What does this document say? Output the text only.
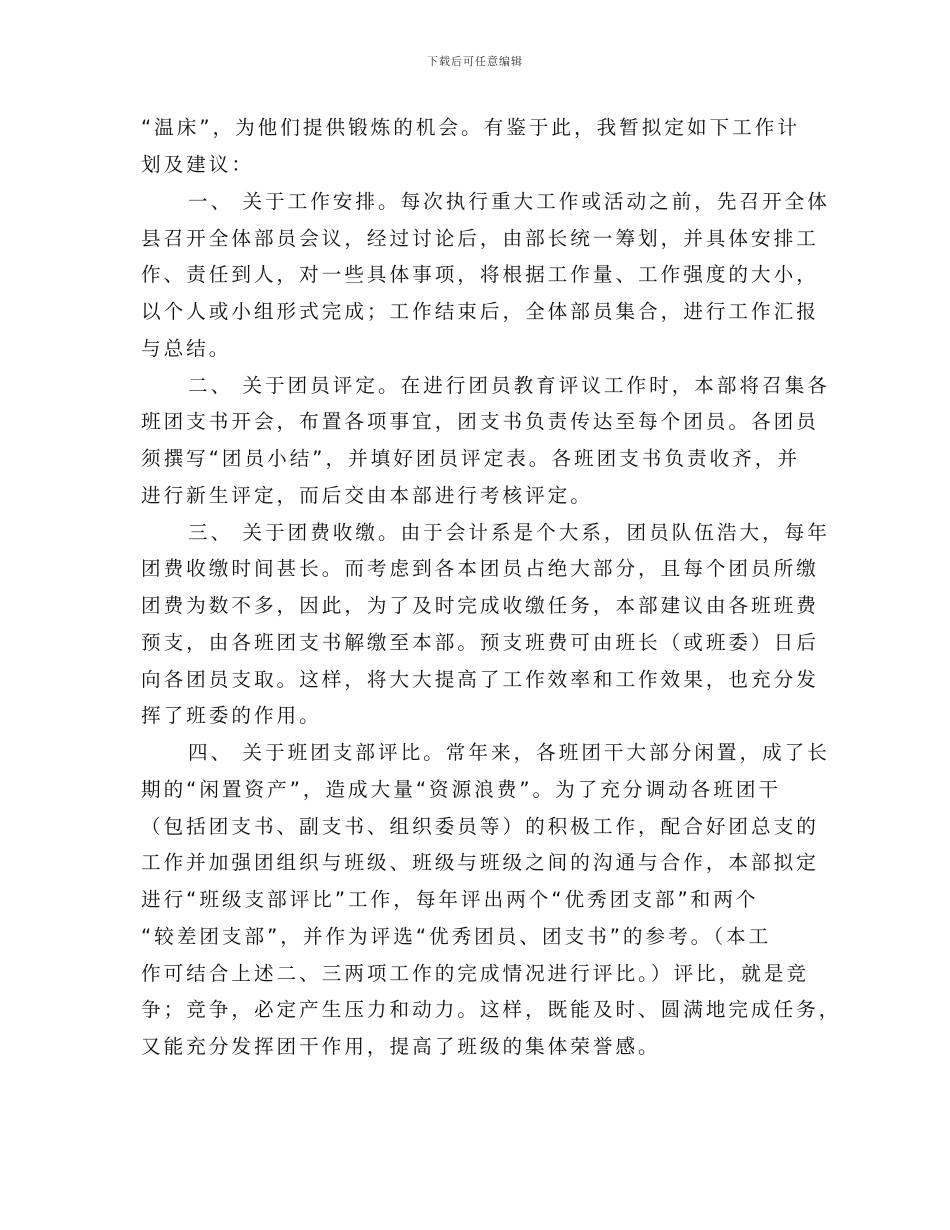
下载后可任意编辑
“温床”，为他们提供锻炼的机会。有鉴于此，我暂拟定如下工作计
划及建议：
一、 关于工作安排。每次执行重大工作或活动之前，先召开全体
县召开全体部员会议，经过讨论后，由部长统一筹划，并具体安排工
作、责任到人，对一些具体事项，将根据工作量、工作强度的大小，
以个人或小组形式完成；工作结束后，全体部员集合，进行工作汇报
与总结。
二、 关于团员评定。在进行团员教育评议工作时，本部将召集各
班团支书开会，布置各项事宜，团支书负责传达至每个团员。各团员
须撰写“团员小结”，并填好团员评定表。各班团支书负责收齐，并
进行新生评定，而后交由本部进行考核评定。
三、 关于团费收缴。由于会计系是个大系，团员队伍浩大，每年
团费收缴时间甚长。而考虑到各本团员占绝大部分，且每个团员所缴
团费为数不多，因此，为了及时完成收缴任务，本部建议由各班班费
预支，由各班团支书解缴至本部。预支班费可由班长（或班委）日后
向各团员支取。这样，将大大提高了工作效率和工作效果，也充分发
挥了班委的作用。
四、 关于班团支部评比。常年来，各班团干大部分闲置，成了长
期的“闲置资产”，造成大量“资源浪费”。为了充分调动各班团干
（包括团支书、副支书、组织委员等）的积极工作，配合好团总支的
工作并加强团组织与班级、班级与班级之间的沟通与合作，本部拟定
进行“班级支部评比”工作，每年评出两个“优秀团支部”和两个
“较差团支部”，并作为评选“优秀团员、团支书”的参考。（本工
作可结合上述二、三两项工作的完成情况进行评比。）评比，就是竞
争；竞争，必定产生压力和动力。这样，既能及时、圆满地完成任务，
又能充分发挥团干作用，提高了班级的集体荣誉感。
